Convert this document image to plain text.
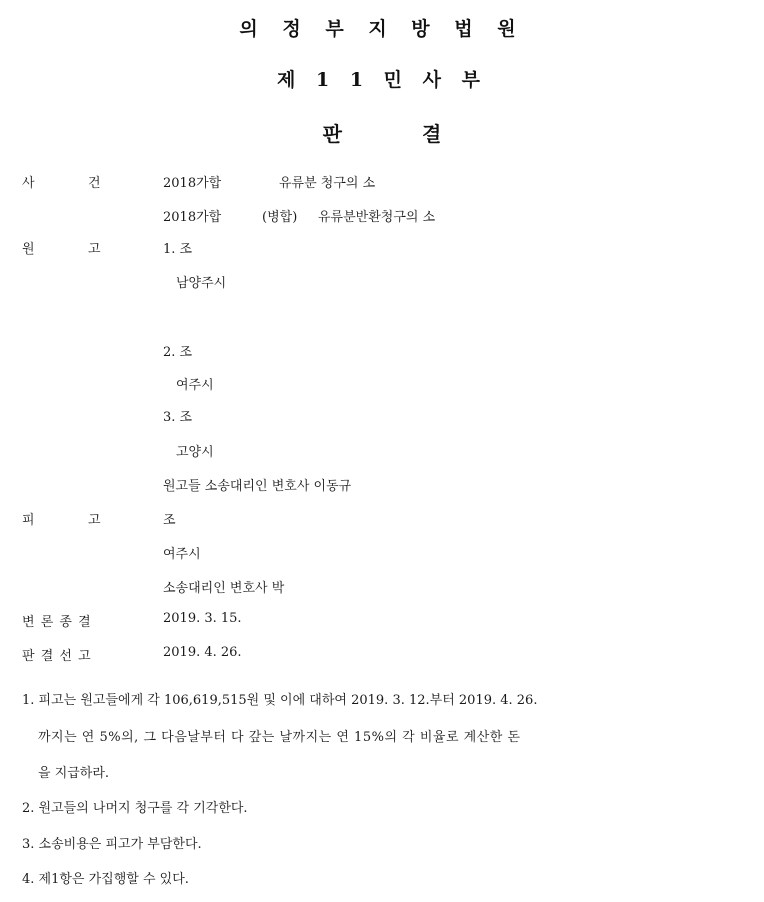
의 정 부 지 방 법 원
제 1 1 민 사 부
판	결
사	건	2018가합	유류분 청구의 소
2018가합	(병합) 유류분반환청구의 소
원	고	1. 조
남양주시
2. 조
여주시
3. 조
고양시
원고들 소송대리인 변호사 이동규
피	고	조
여주시
소송대리인 변호사 박
변 론 종 결	2019. 3. 15.
판 결 선 고	2019. 4. 26.
1. 피고는 원고들에게 각 106,619,515원 및 이에 대하여 2019. 3. 12.부터 2019. 4. 26.
까지는 연 5%의, 그 다음날부터 다 갚는 날까지는 연 15%의 각 비율로 계산한 돈
을 지급하라.
2. 원고들의 나머지 청구를 각 기각한다.
3. 소송비용은 피고가 부담한다.
4. 제1항은 가집행할 수 있다.
